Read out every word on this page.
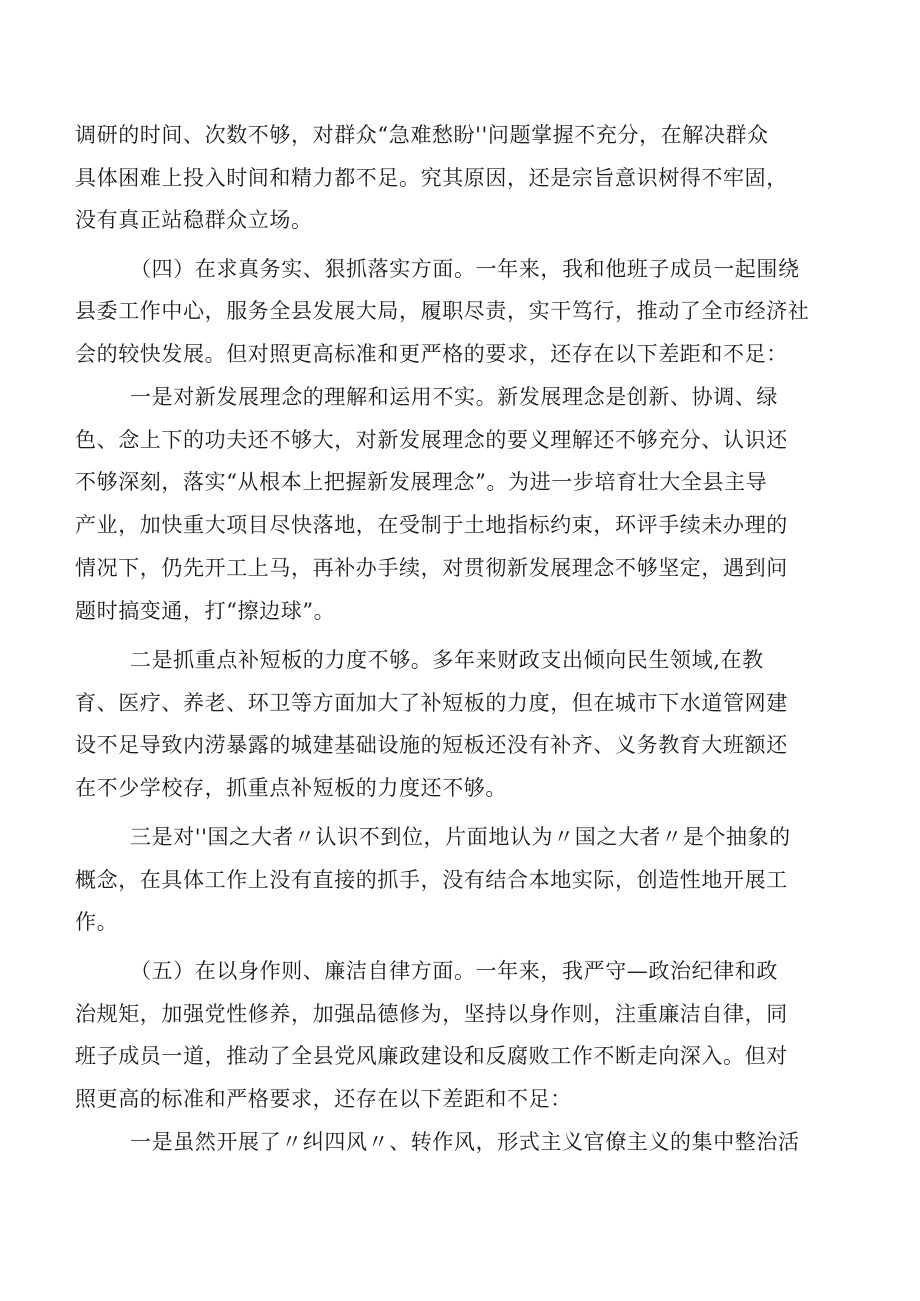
调研的时间、次数不够，对群众“急难愁盼''问题掌握不充分，在解决群众
具体困难上投入时间和精力都不足。究其原因，还是宗旨意识树得不牢固，
没有真正站稳群众立场。
（四）在求真务实、狠抓落实方面。一年来，我和他班子成员一起围绕
县委工作中心，服务全县发展大局，履职尽责，实干笃行，推动了全市经济社
会的较快发展。但对照更高标准和更严格的要求，还存在以下差距和不足：
一是对新发展理念的理解和运用不实。新发展理念是创新、协调、绿
色、念上下的功夫还不够大，对新发展理念的要义理解还不够充分、认识还
不够深刻，落实“从根本上把握新发展理念”。为进一步培育壮大全县主导
产业，加快重大项目尽快落地，在受制于土地指标约束，环评手续未办理的
情况下，仍先开工上马，再补办手续，对贯彻新发展理念不够坚定，遇到问
题时搞变通，打“擦边球”。
二是抓重点补短板的力度不够。多年来财政支出倾向民生领域,在教
育、医疗、养老、环卫等方面加大了补短板的力度，但在城市下水道管网建
设不足导致内涝暴露的城建基础设施的短板还没有补齐、义务教育大班额还
在不少学校存，抓重点补短板的力度还不够。
三是对''国之大者〃认识不到位，片面地认为〃国之大者〃是个抽象的
概念，在具体工作上没有直接的抓手，没有结合本地实际，创造性地开展工
作。
（五）在以身作则、廉洁自律方面。一年来，我严守—政治纪律和政
治规矩，加强党性修养，加强品德修为，坚持以身作则，注重廉洁自律，同
班子成员一道，推动了全县党风廉政建设和反腐败工作不断走向深入。但对
照更高的标准和严格要求，还存在以下差距和不足：
一是虽然开展了〃纠四风〃、转作风，形式主义官僚主义的集中整治活
